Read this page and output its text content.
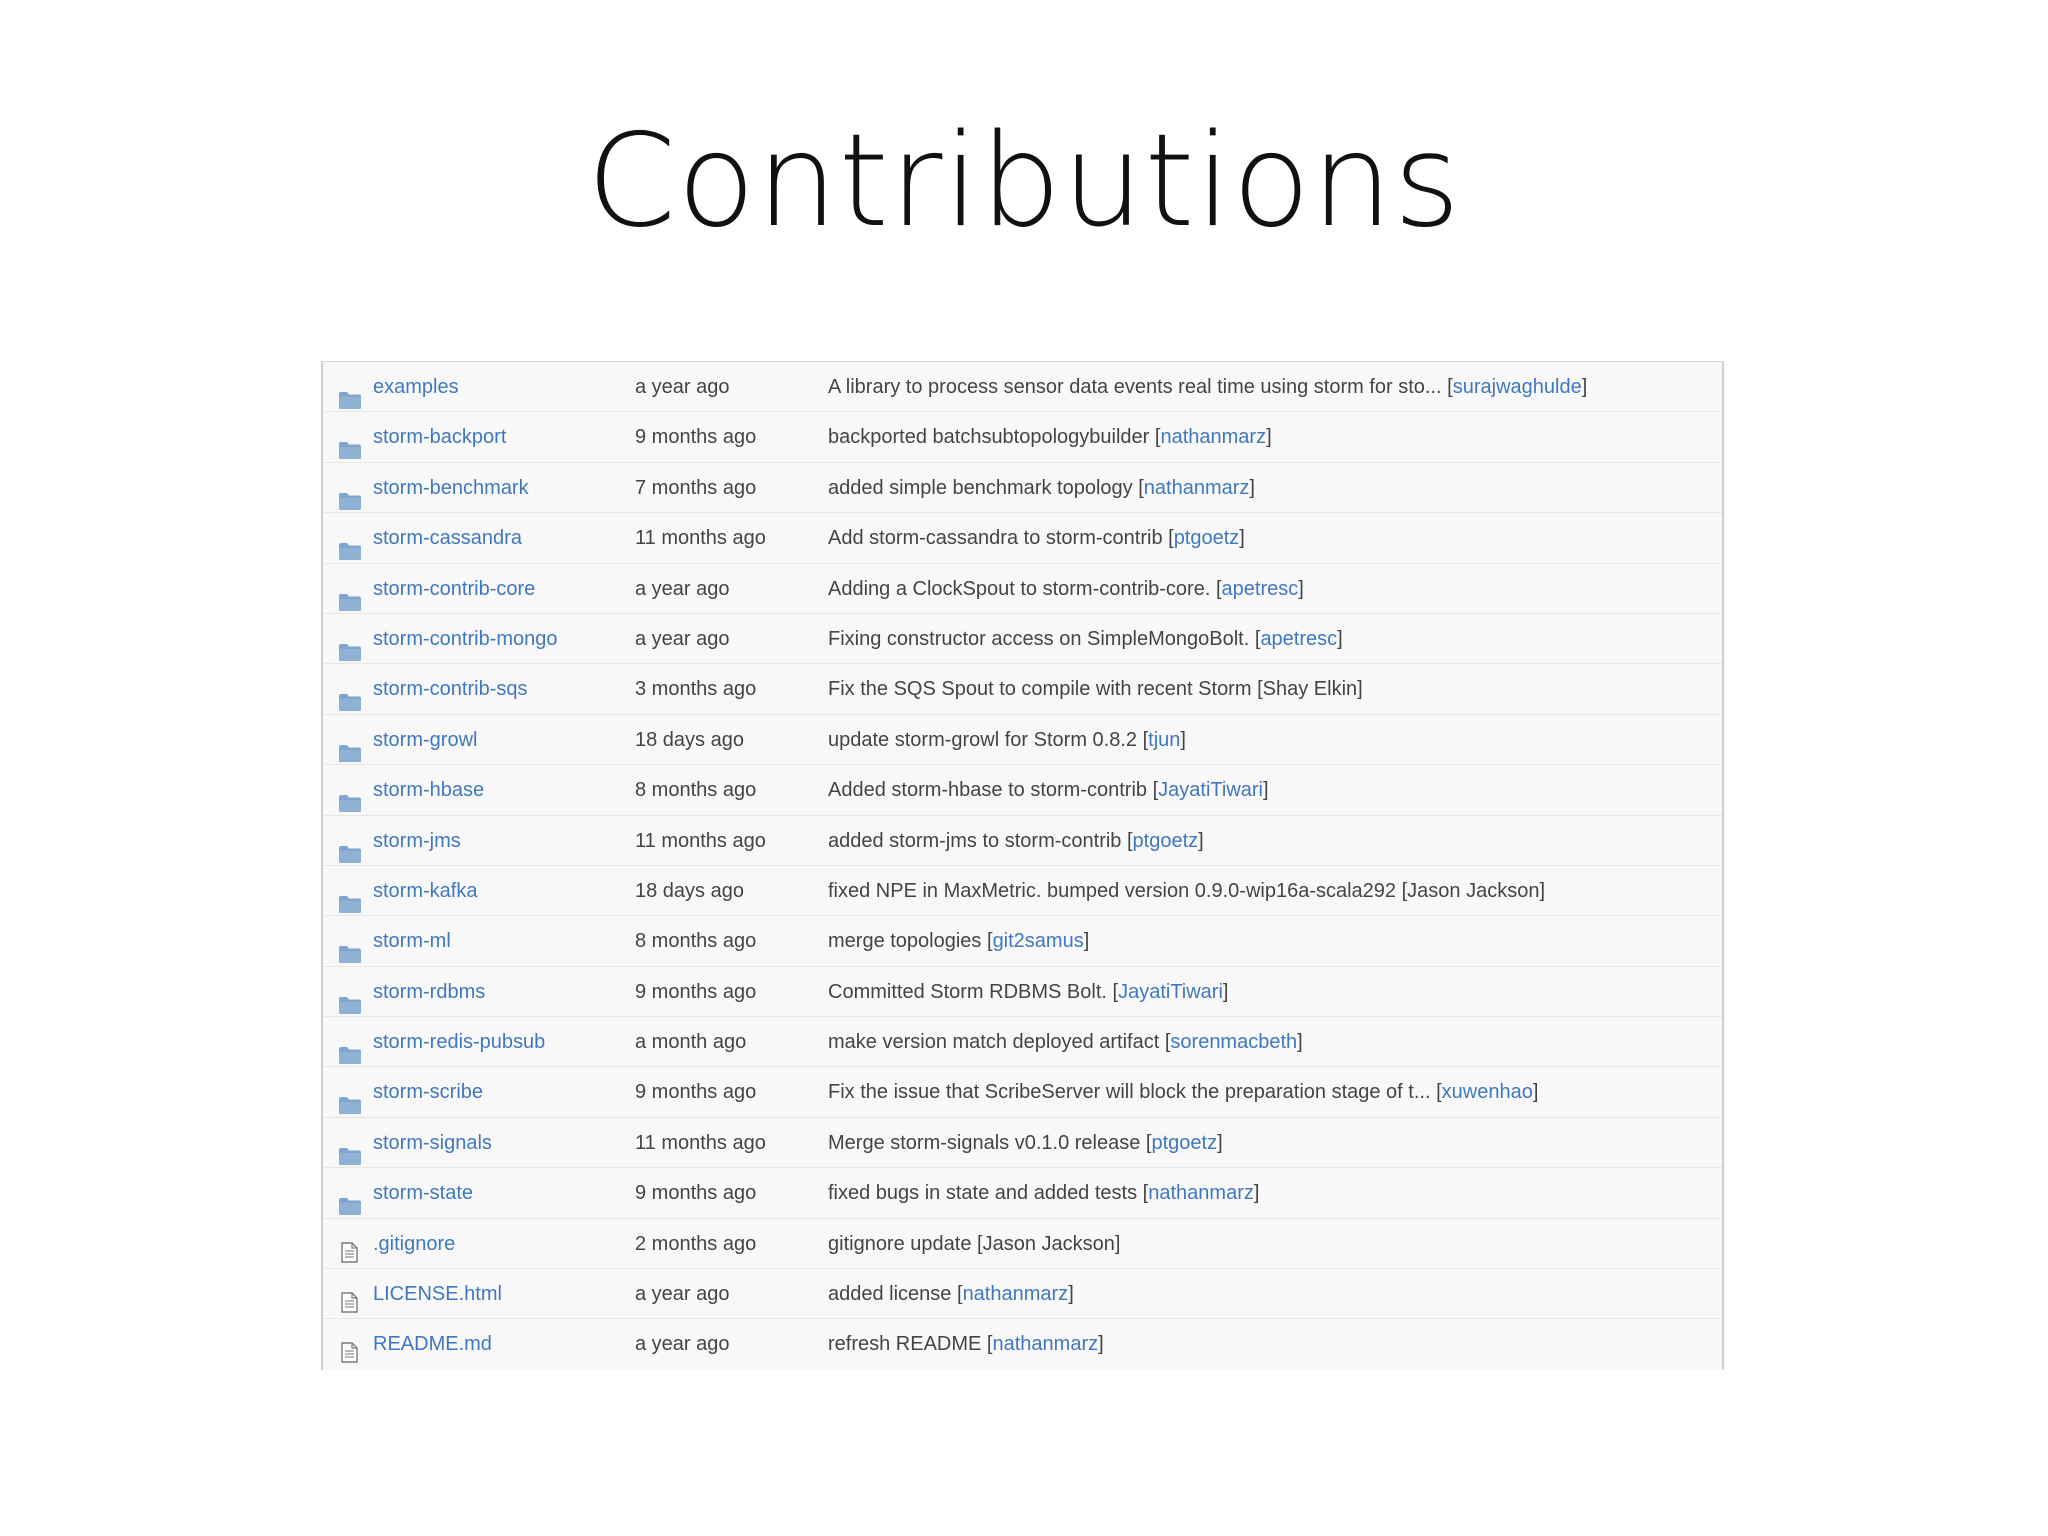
Contributions
examples	a year ago	A library to process sensor data events real time using storm for sto... [surajwaghulde]
storm-backport	9 months ago	backported batchsubtopologybuilder [nathanmarz]
storm-benchmark	7 months ago	added simple benchmark topology [nathanmarz]
storm-cassandra	11 months ago	Add storm-cassandra to storm-contrib [ptgoetz]
storm-contrib-core	a year ago	Adding a ClockSpout to storm-contrib-core. [apetresc]
storm-contrib-mongo	a year ago	Fixing constructor access on SimpleMongoBolt. [apetresc]
storm-contrib-sqs	3 months ago	Fix the SQS Spout to compile with recent Storm [Shay Elkin]
storm-growl	18 days ago	update storm-growl for Storm 0.8.2 [tjun]
storm-hbase	8 months ago	Added storm-hbase to storm-contrib [JayatiTiwari]
storm-jms	11 months ago	added storm-jms to storm-contrib [ptgoetz]
storm-kafka	18 days ago	fixed NPE in MaxMetric. bumped version 0.9.0-wip16a-scala292 [Jason Jackson]
storm-ml	8 months ago	merge topologies [git2samus]
storm-rdbms	9 months ago	Committed Storm RDBMS Bolt. [JayatiTiwari]
storm-redis-pubsub	a month ago	make version match deployed artifact [sorenmacbeth]
storm-scribe	9 months ago	Fix the issue that ScribeServer will block the preparation stage of t... [xuwenhao]
storm-signals	11 months ago	Merge storm-signals v0.1.0 release [ptgoetz]
storm-state	9 months ago	fixed bugs in state and added tests [nathanmarz]
.gitignore	2 months ago	gitignore update [Jason Jackson]
LICENSE.html	a year ago	added license [nathanmarz]
README.md	a year ago	refresh README [nathanmarz]
